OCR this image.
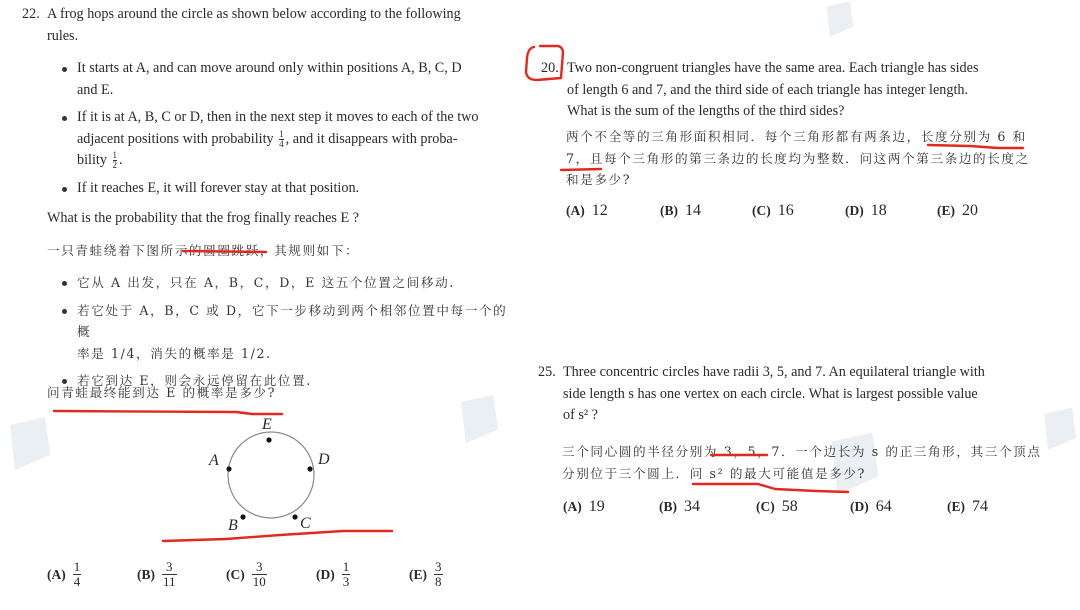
22. A frog hops around the circle as shown below according to the following
rules.
It starts at A, and can move around only within positions A, B, C, D
and E.
If it is at A, B, C or D, then in the next step it moves to each of the two
adjacent positions with probability $\frac{1}{4}$ , and it disappears with proba-
bility $\frac{1}{2}$ .
If it reaches E, it will forever stay at that position.
What is the probability that the frog finally reaches E ?
一只青蛙绕着下图所示的圆圈跳跃，其规则如下：
它从 A 出发，只在 A，B，C，D，E 这五个位置之间移动.
若它处于 A，B，C 或 D，它下一步移动到两个相邻位置中每一个的概
率是 1/4，消失的概率是 1/2.
若它到达 E，则会永远停留在此位置.
问青蛙最终能到达 E 的概率是多少?
E
D
C
B
A
$(A) \frac{1}{4}$	$(B) \frac{3}{11}$	$(C) \frac{3}{10}$	$(D) \frac{1}{3}$	$(E) \frac{3}{8}$
20. Two non-congruent triangles have the same area. Each triangle has sides
of length 6 and 7, and the third side of each triangle has integer length.
What is the sum of the lengths of the third sides?
两个不全等的三角形面积相同．每个三角形都有两条边，长度分别为 6 和
7，且每个三角形的第三条边的长度均为整数．问这两个第三条边的长度之
和是多少?
(A) 12	(B) 14	(C) 16	(D) 18	(E) 20
25. Three concentric circles have radii 3, 5, and 7. An equilateral triangle with
side length s has one vertex on each circle. What is largest possible value
of s² ?
三个同心圆的半径分别为 3，5，7．一个边长为 s 的正三角形，其三个顶点
分别位于三个圆上．问 s² 的最大可能值是多少?
(A) 19	(B) 34	(C) 58	(D) 64	(E) 74
